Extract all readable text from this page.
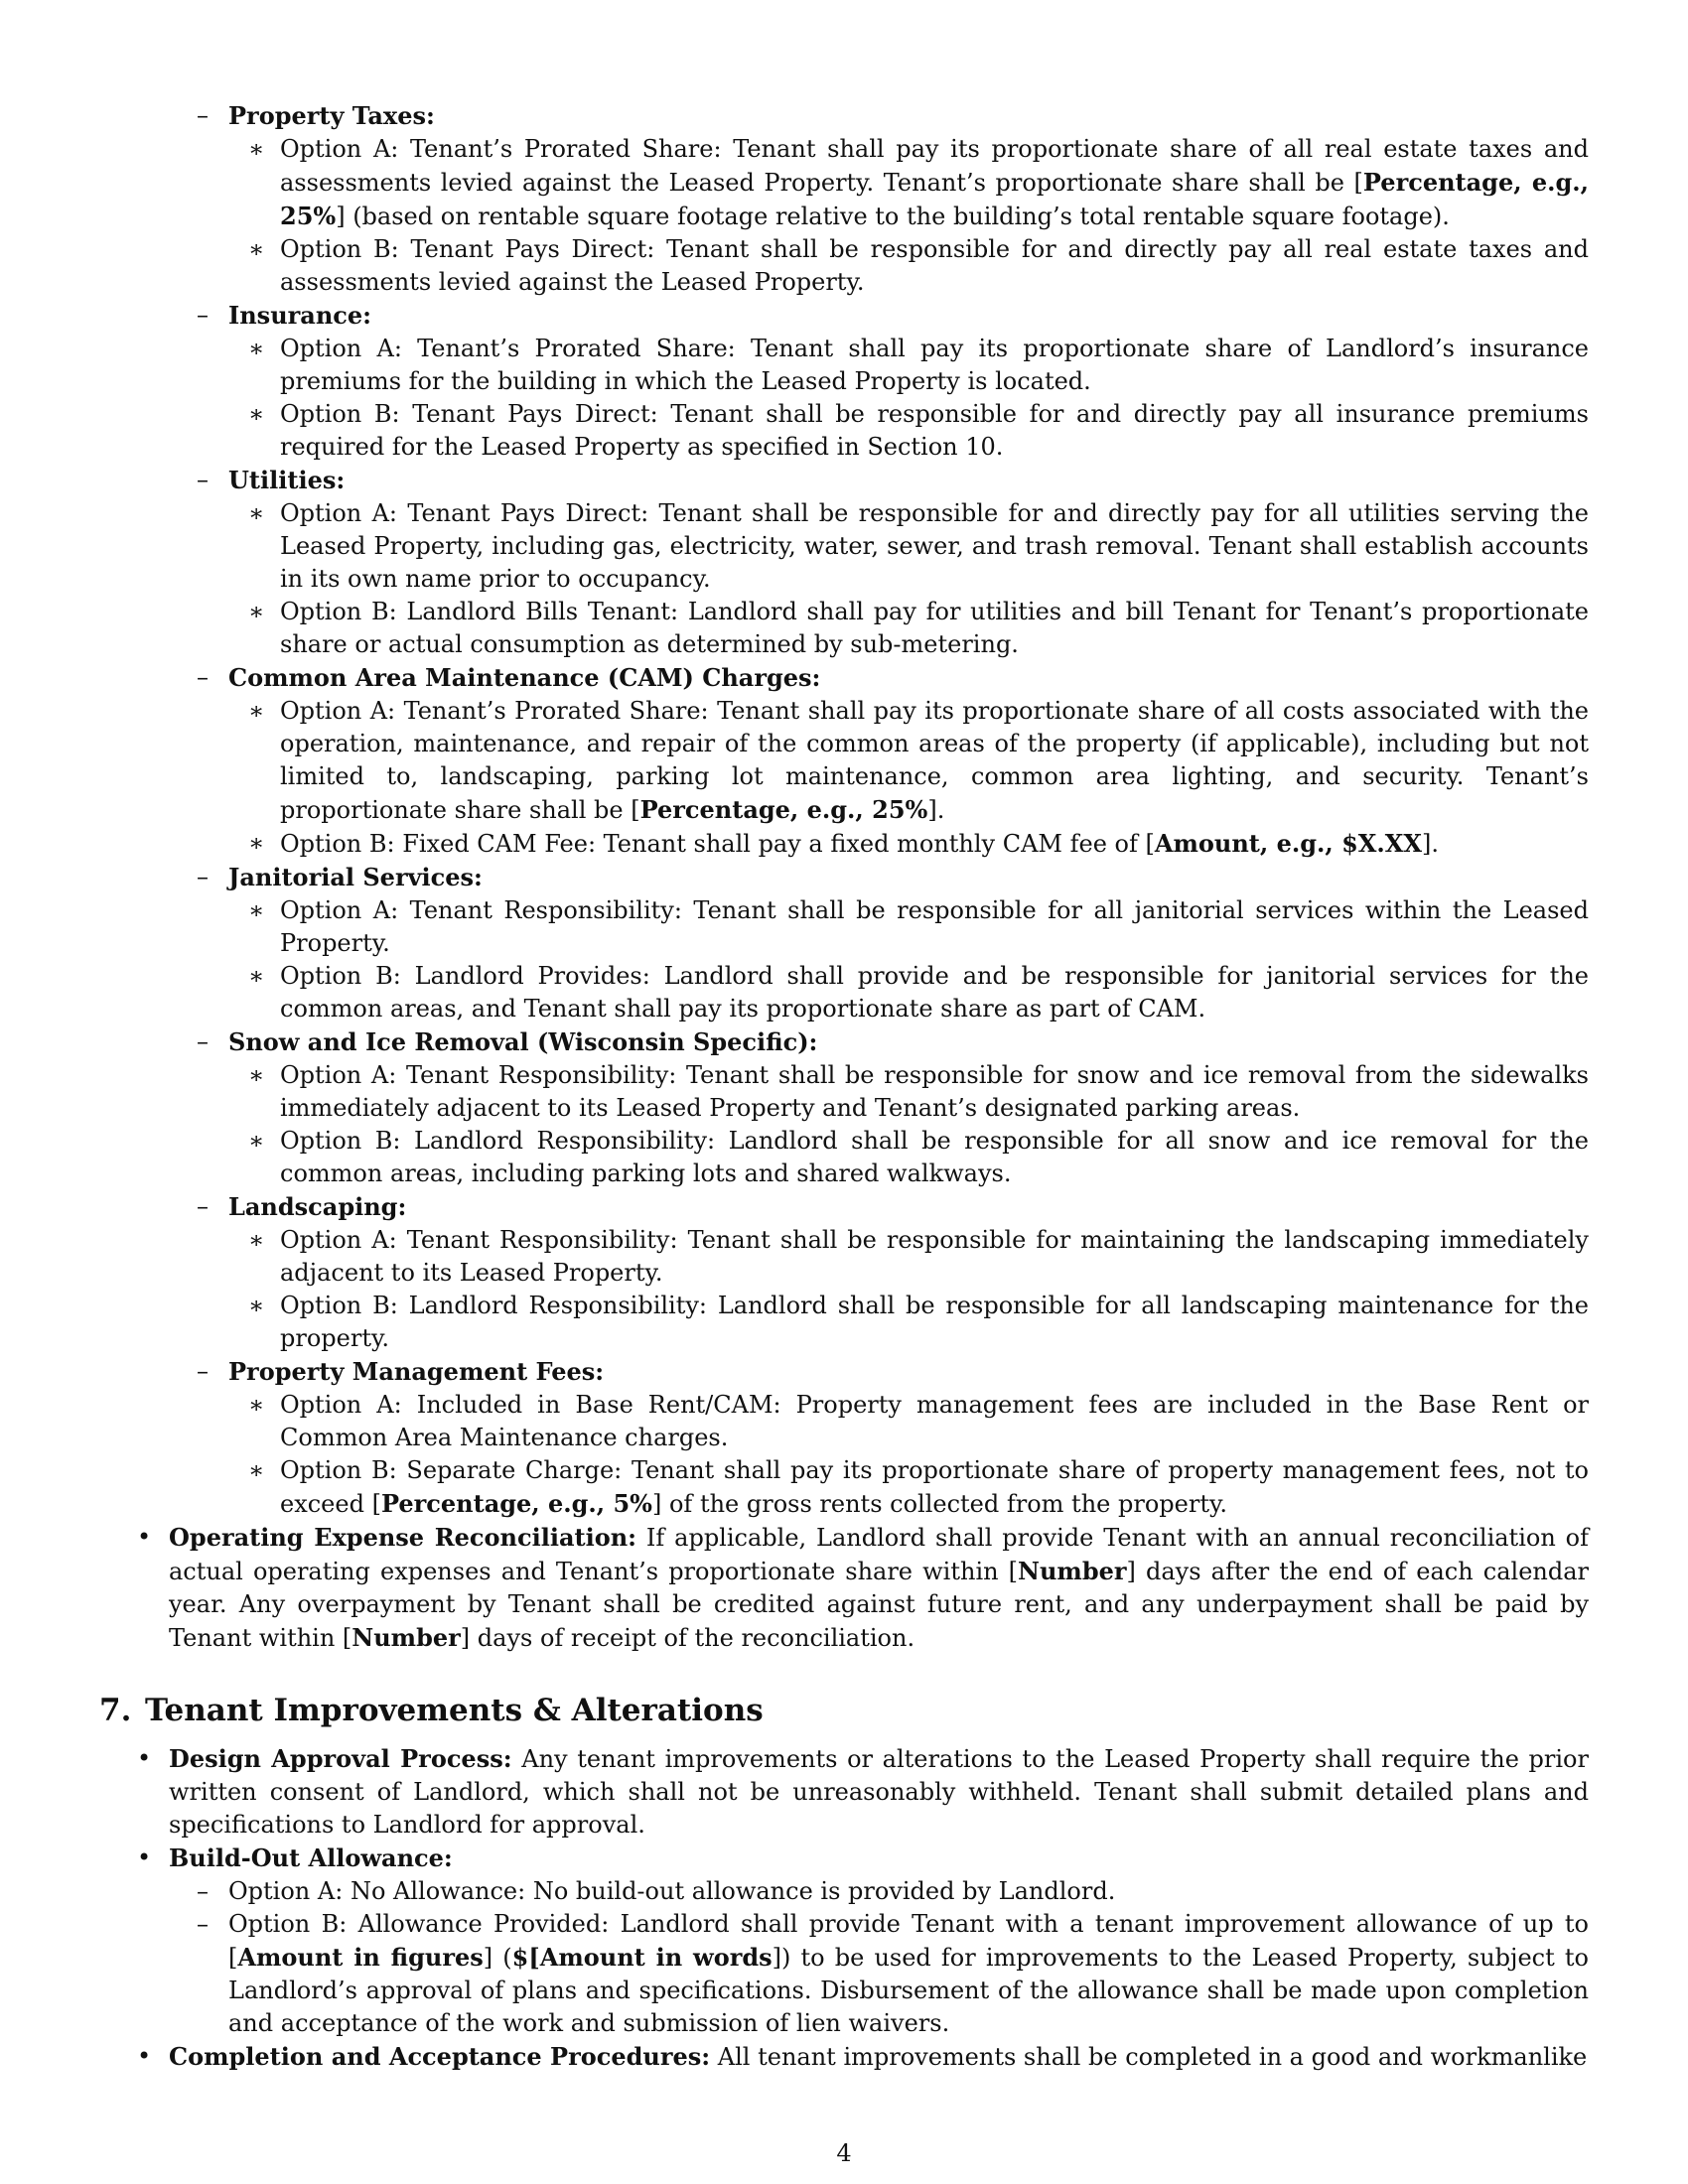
– Property Taxes:
∗ Option A: Tenant’s Prorated Share: Tenant shall pay its proportionate share of all real estate taxes and assessments levied against the Leased Property. Tenant’s proportionate share shall be [Percentage, e.g., 25%] (based on rentable square footage relative to the building’s total rentable square footage).
∗ Option B: Tenant Pays Direct: Tenant shall be responsible for and directly pay all real estate taxes and assessments levied against the Leased Property.
– Insurance:
∗ Option A: Tenant’s Prorated Share: Tenant shall pay its proportionate share of Landlord’s insurance premiums for the building in which the Leased Property is located.
∗ Option B: Tenant Pays Direct: Tenant shall be responsible for and directly pay all insurance premiums required for the Leased Property as specified in Section 10.
– Utilities:
∗ Option A: Tenant Pays Direct: Tenant shall be responsible for and directly pay for all utilities serving the Leased Property, including gas, electricity, water, sewer, and trash removal. Tenant shall establish accounts in its own name prior to occupancy.
∗ Option B: Landlord Bills Tenant: Landlord shall pay for utilities and bill Tenant for Tenant’s proportionate share or actual consumption as determined by sub-metering.
– Common Area Maintenance (CAM) Charges:
∗ Option A: Tenant’s Prorated Share: Tenant shall pay its proportionate share of all costs associated with the operation, maintenance, and repair of the common areas of the property (if applicable), including but not limited to, landscaping, parking lot maintenance, common area lighting, and security. Tenant’s proportionate share shall be [Percentage, e.g., 25%].
∗ Option B: Fixed CAM Fee: Tenant shall pay a fixed monthly CAM fee of [Amount, e.g., $X.XX].
– Janitorial Services:
∗ Option A: Tenant Responsibility: Tenant shall be responsible for all janitorial services within the Leased Property.
∗ Option B: Landlord Provides: Landlord shall provide and be responsible for janitorial services for the common areas, and Tenant shall pay its proportionate share as part of CAM.
– Snow and Ice Removal (Wisconsin Specific):
∗ Option A: Tenant Responsibility: Tenant shall be responsible for snow and ice removal from the sidewalks immediately adjacent to its Leased Property and Tenant’s designated parking areas.
∗ Option B: Landlord Responsibility: Landlord shall be responsible for all snow and ice removal for the common areas, including parking lots and shared walkways.
– Landscaping:
∗ Option A: Tenant Responsibility: Tenant shall be responsible for maintaining the landscaping immediately adjacent to its Leased Property.
∗ Option B: Landlord Responsibility: Landlord shall be responsible for all landscaping maintenance for the property.
– Property Management Fees:
∗ Option A: Included in Base Rent/CAM: Property management fees are included in the Base Rent or Common Area Maintenance charges.
∗ Option B: Separate Charge: Tenant shall pay its proportionate share of property management fees, not to exceed [Percentage, e.g., 5%] of the gross rents collected from the property.
• Operating Expense Reconciliation: If applicable, Landlord shall provide Tenant with an annual reconciliation of actual operating expenses and Tenant’s proportionate share within [Number] days after the end of each calendar year. Any overpayment by Tenant shall be credited against future rent, and any underpayment shall be paid by Tenant within [Number] days of receipt of the reconciliation.
7. Tenant Improvements & Alterations
• Design Approval Process: Any tenant improvements or alterations to the Leased Property shall require the prior written consent of Landlord, which shall not be unreasonably withheld. Tenant shall submit detailed plans and specifications to Landlord for approval.
• Build-Out Allowance:
– Option A: No Allowance: No build-out allowance is provided by Landlord.
– Option B: Allowance Provided: Landlord shall provide Tenant with a tenant improvement allowance of up to [Amount in figures] ($[Amount in words]) to be used for improvements to the Leased Property, subject to Landlord’s approval of plans and specifications. Disbursement of the allowance shall be made upon completion and acceptance of the work and submission of lien waivers.
• Completion and Acceptance Procedures: All tenant improvements shall be completed in a good and workmanlike
4
